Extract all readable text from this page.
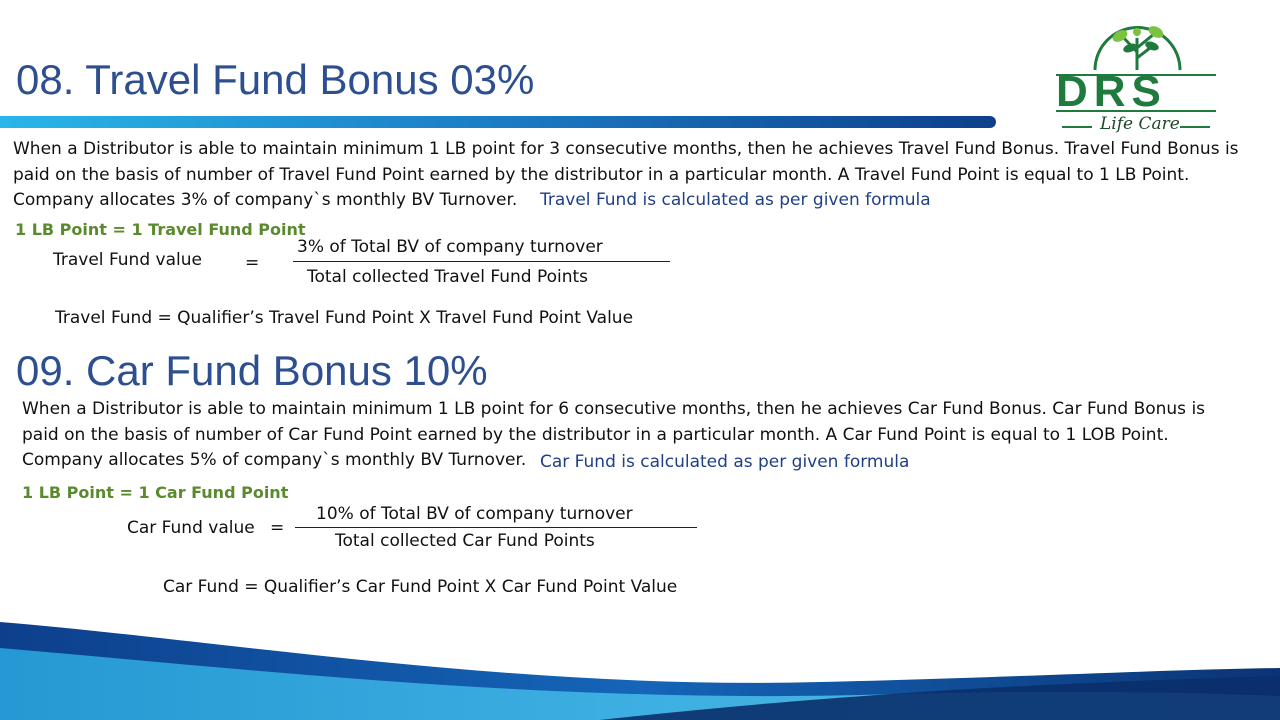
DRS
Life Care
08. Travel Fund Bonus 03%
When a Distributor is able to maintain minimum 1 LB point for 3 consecutive months, then he achieves Travel Fund Bonus. Travel Fund Bonus is
paid on the basis of number of Travel Fund Point earned by the distributor in a particular month. A Travel Fund Point is equal to 1 LB Point.
Company allocates 3% of company`s monthly BV Turnover.	Travel Fund is calculated as per given formula
1 LB Point = 1 Travel Fund Point
Travel Fund value	=
3% of Total BV of company turnover
Total collected Travel Fund Points
Travel Fund = Qualifier’s Travel Fund Point X Travel Fund Point Value
09. Car Fund Bonus 10%
When a Distributor is able to maintain minimum 1 LB point for 6 consecutive months, then he achieves Car Fund Bonus. Car Fund Bonus is
paid on the basis of number of Car Fund Point earned by the distributor in a particular month. A Car Fund Point is equal to 1 LOB Point.
Company allocates 5% of company`s monthly BV Turnover. Car Fund is calculated as per given formula
1 LB Point = 1 Car Fund Point
Car Fund value =
10% of Total BV of company turnover
Total collected Car Fund Points
Car Fund = Qualifier’s Car Fund Point X Car Fund Point Value
